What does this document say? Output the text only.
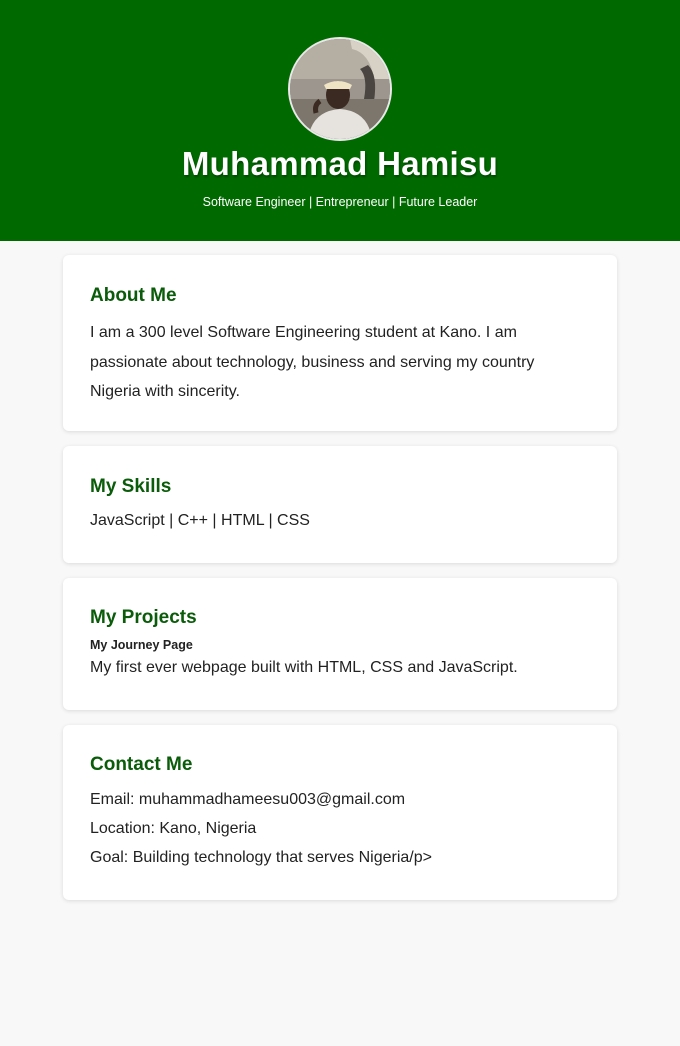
Muhammad Hamisu
Software Engineer | Entrepreneur | Future Leader
About Me

I am a 300 level Software Engineering student at Kano. I am passionate about technology, business and serving my country Nigeria with sincerity.

My Skills

JavaScript | C++ | HTML | CSS

My Projects
My Journey Page

My first ever webpage built with HTML, CSS and JavaScript.

Contact Me
Email: muhammadhameesu003@gmail.com
Location: Kano, Nigeria
Goal: Building technology that serves Nigeria/p>
